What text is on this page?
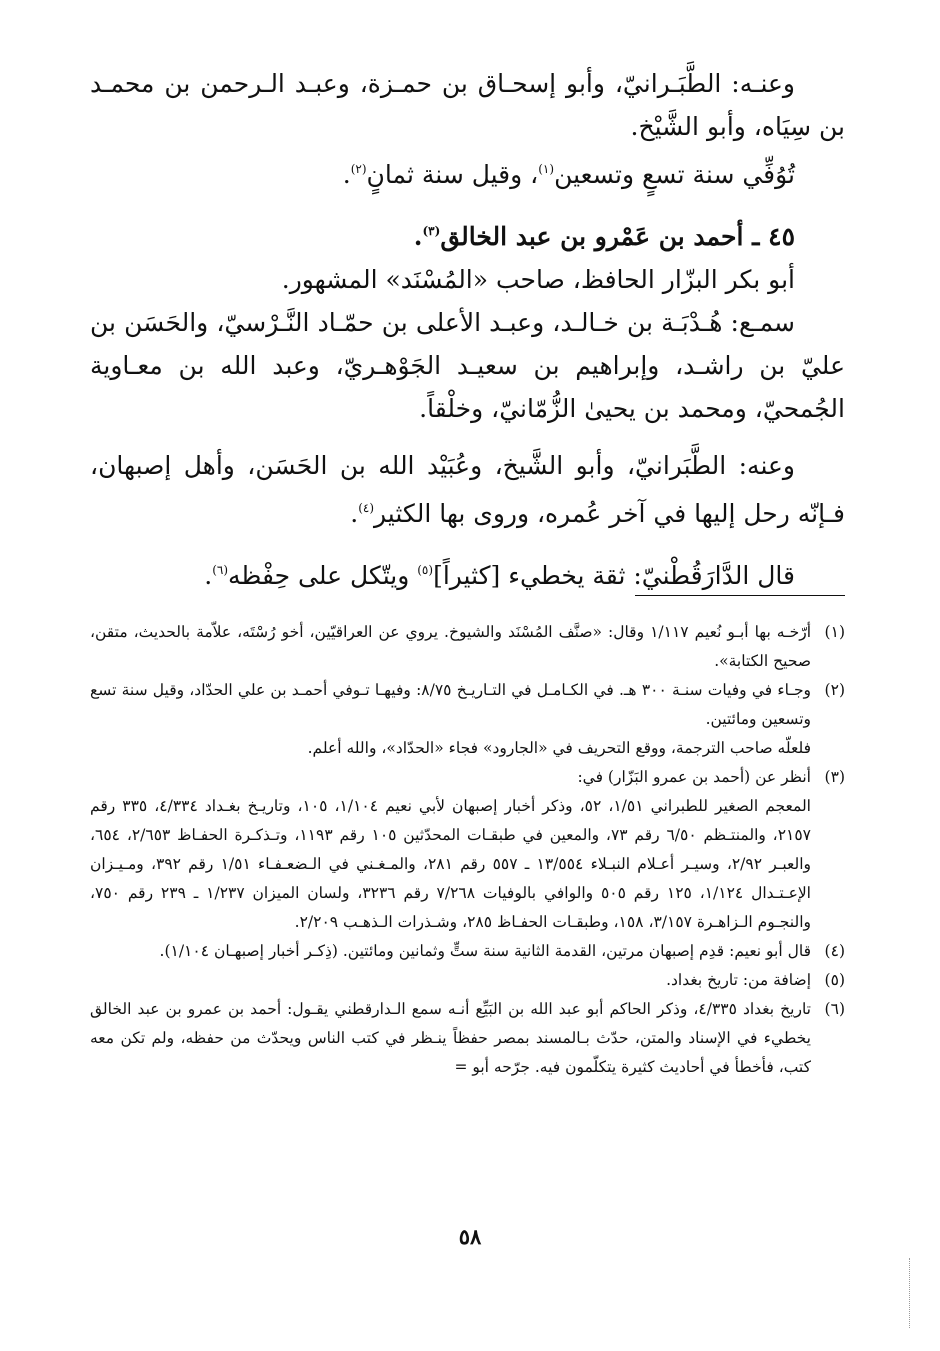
وعنـه: الطَّبَـرانيّ، وأبو إسحـاق بن حمـزة، وعبـد الـرحمن بن محمـد بن سِيَاه، وأبو الشَّيْخ.

تُوُفِّي سنة تسعٍ وتسعين$^{(١)}$، وقيل سنة ثمانٍ$^{(٢)}$.

٤٥ ـ أحمد بن عَمْرو بن عبد الخالق$^{(٣)}$.

أبو بكر البزّار الحافظ، صاحب «المُسْنَد» المشهور.

سمـع: هُـدْبَـة بن خـالـد، وعبـد الأعلى بن حمّـاد النَّـرْسيّ، والحَسَن بن عليّ بن راشـد، وإبراهيم بن سعيـد الجَوْهـريّ، وعبد الله بن معـاوية الجُمحيّ، ومحمد بن يحيىٰ الزُّمّانيّ، وخلْقاً.

وعنه: الطَّبَرانيّ، وأبو الشَّيخ، وعُبَيْد الله بن الحَسَن، وأهل إصبهان، فـإنّه رحل إليها في آخر عُمره، وروى بها الكثير$^{(٤)}$.

قال الدَّارَقُطْنيّ: ثقة يخطيء [كثيراً]$^{(٥)}$ ويتّكل على حِفْظه$^{(٦)}$.

(١)

أرّخـه بها أبـو نُعيم ١/١١٧ وقال: «صنَّف المُسْنَد والشيوخ. يروي عن العراقيّين، أخو رُسْتَه، علاّمة بالحديث، متقن، صحيح الكتابة».

(٢)

وجـاء في وفيات سنـة ٣٠٠ هـ. في الكـامـل في التـاريـخ ٨/٧٥: وفيهـا تـوفي أحمـد بن علي الحدّاد، وقيل سنة تسع وتسعين ومائتين.

فلعلّه صاحب الترجمة، ووقع التحريف في «الجارود» فجاء «الحدّاد»، والله أعلم.

(٣)

أنظر عن (أحمد بن عمرو البَزّار) في:

المعجم الصغير للطبراني ١/٥١، ٥٢، وذكر أخبار إصبهان لأبي نعيم ١/١٠٤، ١٠٥، وتاريـخ بغـداد ٤/٣٣٤، ٣٣٥ رقم ٢١٥٧، والمنتـظم ٦/٥٠ رقم ٧٣، والمعين في طبقـات المحدّثين ١٠٥ رقم ١١٩٣، وتـذكـرة الحفـاظ ٢/٦٥٣، ٦٥٤، والعبـر ٢/٩٢، وسيـر أعـلام النبـلاء ١٣/٥٥٤ ـ ٥٥٧ رقم ٢٨١، والمـغـني في الـضعـفـاء ١/٥١ رقم ٣٩٢، ومـيـزان الإعـتـدال ١/١٢٤، ١٢٥ رقم ٥٠٥ والوافي بالوفيات ٧/٢٦٨ رقم ٣٢٣٦، ولسان الميزان ١/٢٣٧ ـ ٢٣٩ رقم ٧٥٠، والنجـوم الـزاهـرة ٣/١٥٧، ١٥٨، وطبقـات الحفـاظ ٢٨٥، وشـذرات الـذهـب ٢/٢٠٩.

(٤)

قال أبو نعيم: قدِم إصبهان مرتين، القدمة الثانية سنة ستٍّ وثمانين ومائتين. (ذِكـر أخبار إصبهـان ١/١٠٤).

(٥)

إضافة من: تاريخ بغداد.

(٦)

تاريخ بغداد ٤/٣٣٥، وذكر الحاكم أبو عبد الله بن البَيِّع أنـه سمع الـدارقطني يقـول: أحمد بن عمرو بن عبد الخالق يخطيء في الإسناد والمتن، حدّث بـالمسند بمصر حفظاً ينـظر في كتب الناس ويحدّث من حفظه، ولم تكن معه كتب، فأخطأ في أحاديث كثيرة يتكلّمون فيه. جرّحه أبو =

٥٨
